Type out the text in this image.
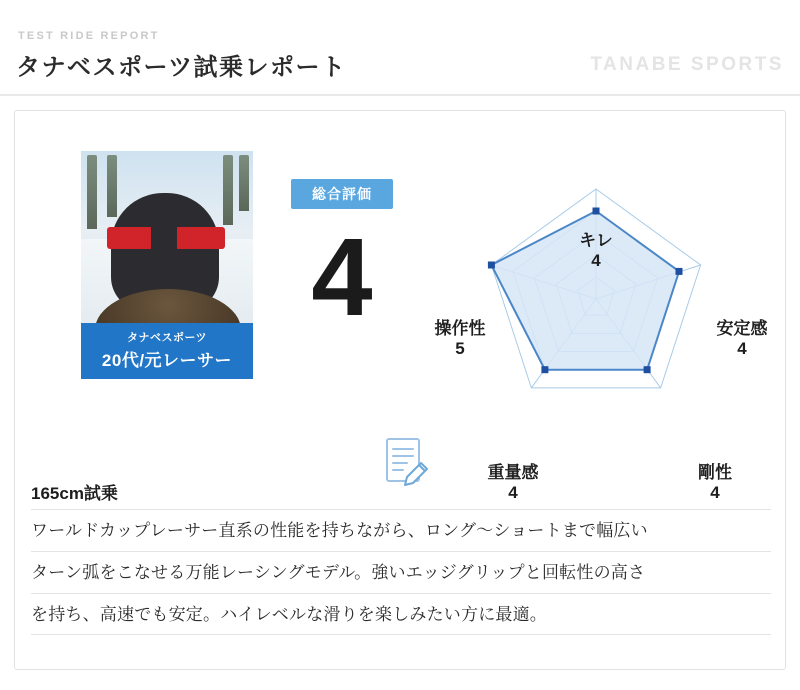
TEST RIDE REPORT
タナベスポーツ試乗レポート	TANABE SPORTS
タナベスポーツ
20代/元レーサー
総合評価
4	キレ
4
安定感
4
剛性
4
重量感
4
操作性
5
165cm試乗
ワールドカップレーサー直系の性能を持ちながら、ロング〜ショートまで幅広い
ターン弧をこなせる万能レーシングモデル。強いエッジグリップと回転性の高さ
を持ち、高速でも安定。ハイレベルな滑りを楽しみたい方に最適。
